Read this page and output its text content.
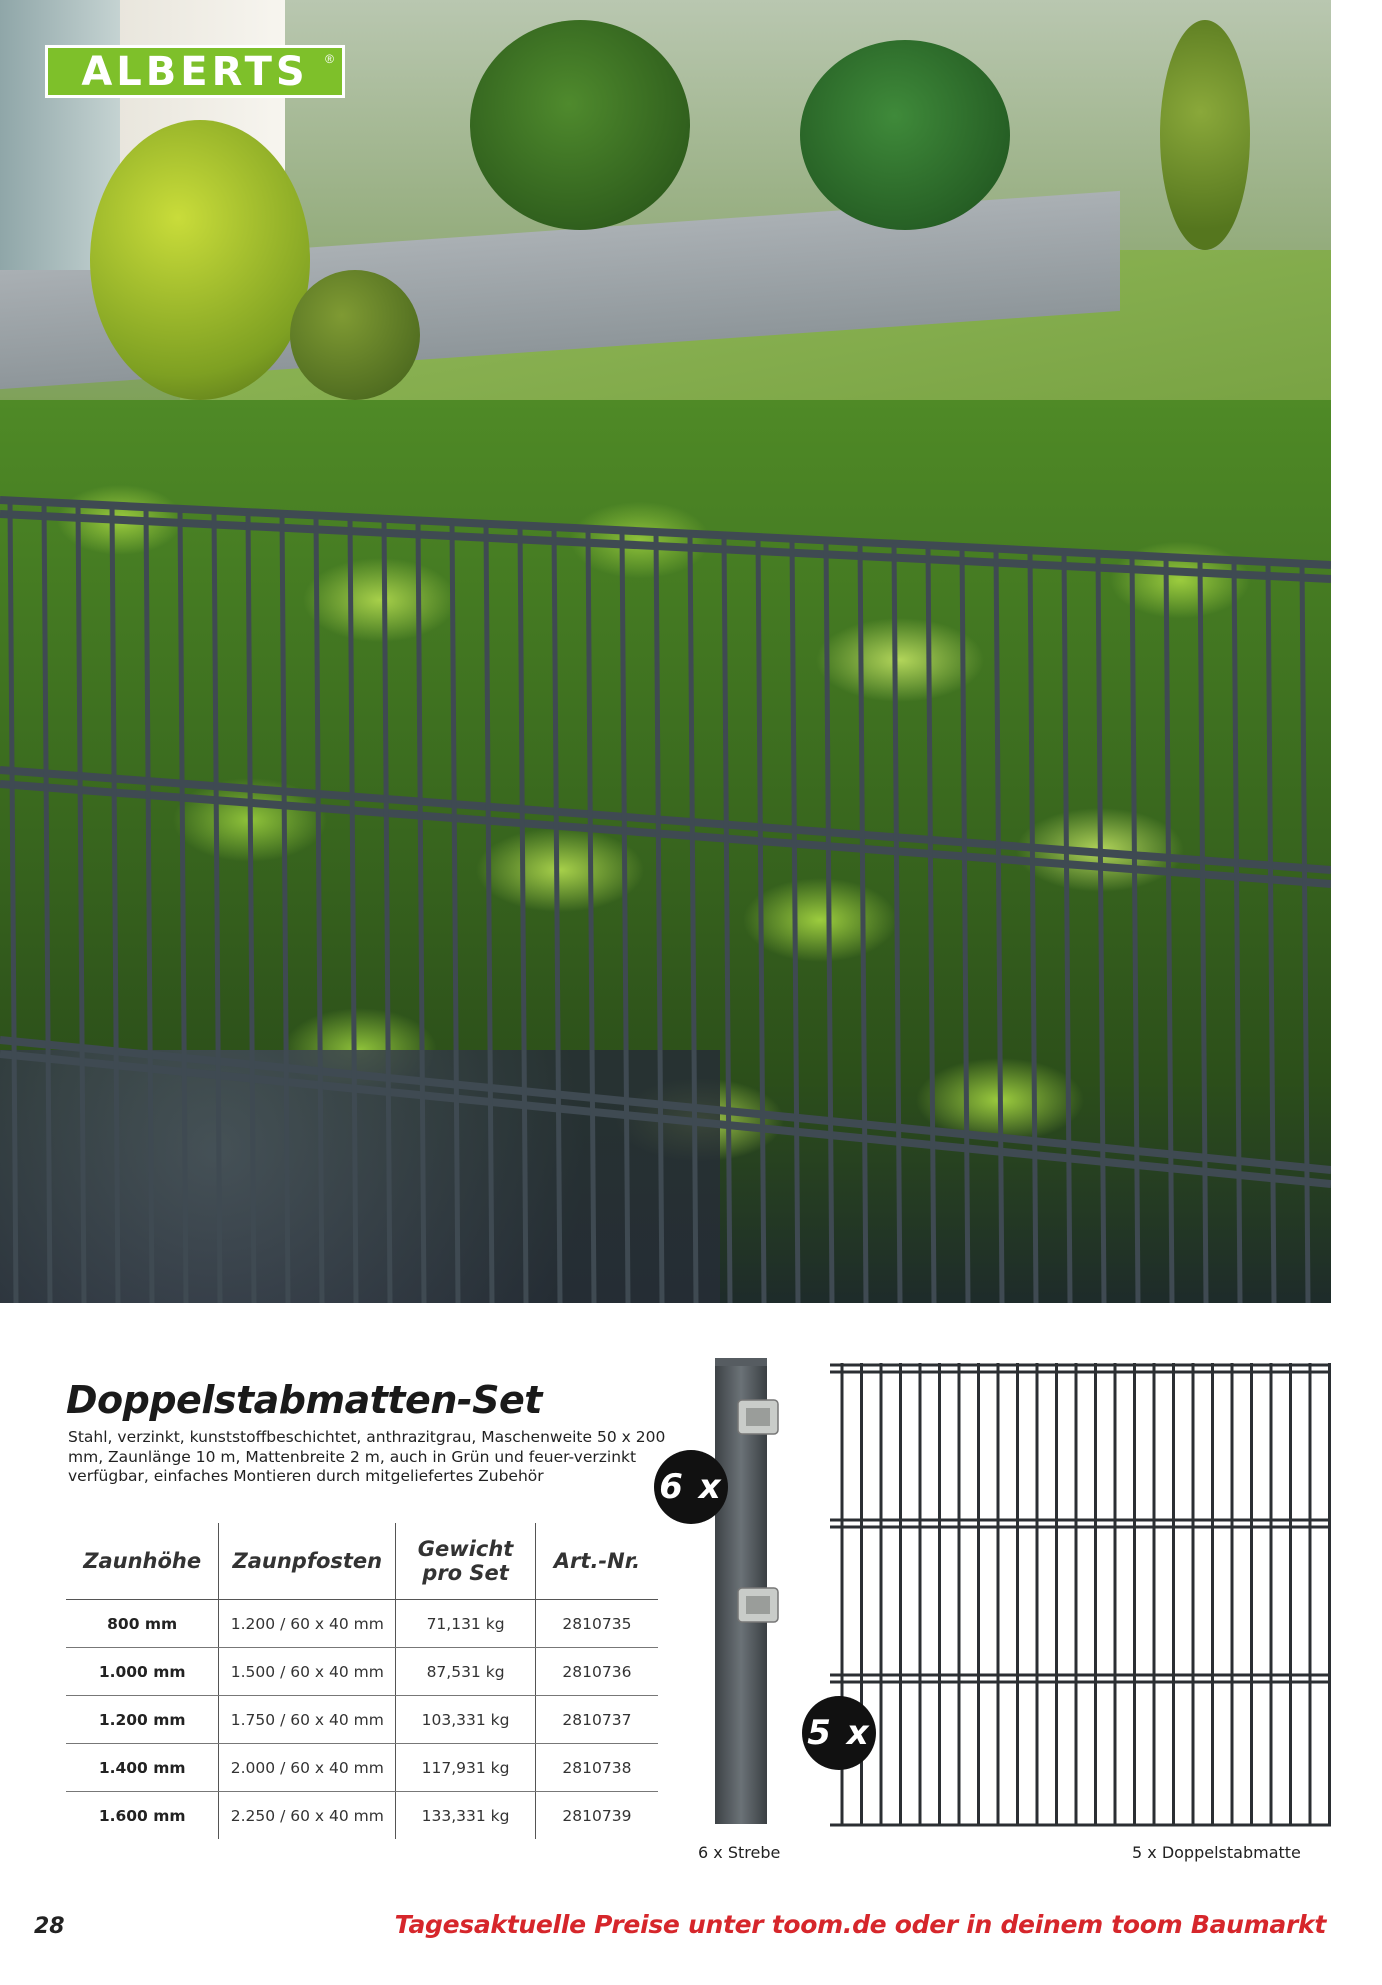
ALBERTS ®
Doppelstabmatten-Set

Stahl, verzinkt, kunststoffbeschichtet, anthrazitgrau, Maschenweite 50 x 200 mm, Zaunlänge 10 m, Mattenbreite 2 m, auch in Grün und feuer-verzinkt verfügbar, einfaches Montieren durch mitgeliefertes Zubehör

Zaunhöhe	Zaunpfosten	Gewicht pro Set	Art.-Nr.
800 mm	1.200 / 60 x 40 mm	71,131 kg	2810735
1.000 mm	1.500 / 60 x 40 mm	87,531 kg	2810736
1.200 mm	1.750 / 60 x 40 mm	103,331 kg	2810737
1.400 mm	2.000 / 60 x 40 mm	117,931 kg	2810738
1.600 mm	2.250 / 60 x 40 mm	133,331 kg	2810739
6 x
5 x
6 x Strebe	5 x Doppelstabmatte
28	Tagesaktuelle Preise unter toom.de oder in deinem toom Baumarkt
